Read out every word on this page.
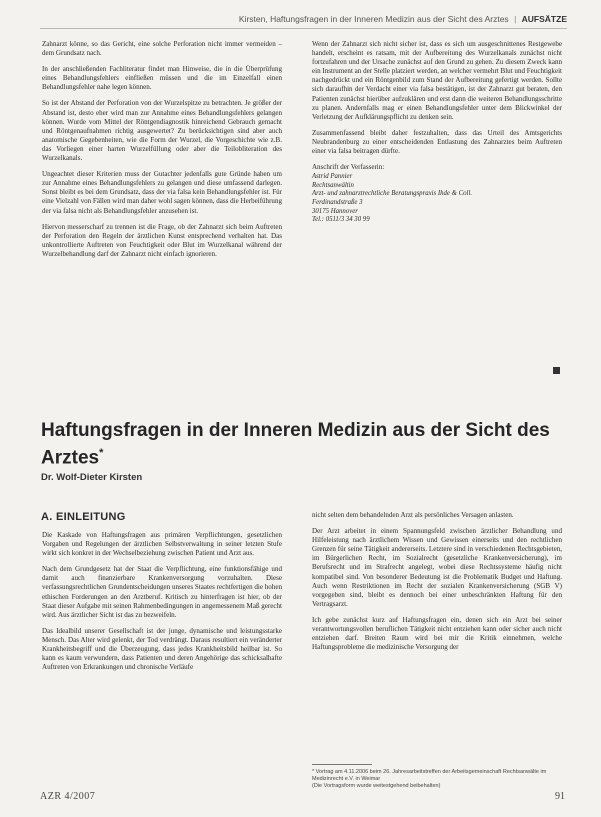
Kirsten, Haftungsfragen in der Inneren Medizin aus der Sicht des Arztes | AUFSÄTZE

Zahnarzt könne, so das Gericht, eine solche Perforation nicht immer vermeiden – dem Grundsatz nach.

In der anschließenden Fachliteratur findet man Hinweise, die in die Überprüfung eines Behandlungsfehlers einfließen müssen und die im Einzelfall einen Behandlungsfehler nahe legen können.

So ist der Abstand der Perforation von der Wurzelspitze zu betrachten. Je größer der Abstand ist, desto eher wird man zur Annahme eines Behandlungsfehlers gelangen können. Wurde vom Mittel der Röntgendiagnostik hinreichend Gebrauch gemacht und Röntgenaufnahmen richtig ausgewertet? Zu berücksichtigen sind aber auch anatomische Gegebenheiten, wie die Form der Wurzel, die Vorgeschichte wie z.B. das Vorliegen einer harten Wurzelfüllung oder aber die Teilobliteration des Wurzelkanals.

Ungeachtet dieser Kriterien muss der Gutachter jedenfalls gute Gründe haben um zur Annahme eines Behandlungsfehlers zu gelangen und diese umfassend darlegen. Sonst bleibt es bei dem Grundsatz, dass der via falsa kein Behandlungsfehler ist. Für eine Vielzahl von Fällen wird man daher wohl sagen können, dass die Herbeiführung der via falsa nicht als Behandlungsfehler anzusehen ist.

Hiervon messerscharf zu trennen ist die Frage, ob der Zahnarzt sich beim Auftreten der Perforation den Regeln der ärztlichen Kunst entsprechend verhalten hat. Das unkontrollierte Auftreten von Feuchtigkeit oder Blut im Wurzelkanal während der Wurzelbehandlung darf der Zahnarzt nicht einfach ignorieren.

Wenn der Zahnarzt sich nicht sicher ist, dass es sich um ausgeschnittenes Restgewebe handelt, erscheint es ratsam, mit der Aufbereitung des Wurzelkanals zunächst nicht fortzufahren und der Ursache zunächst auf den Grund zu gehen. Zu diesem Zweck kann ein Instrument an der Stelle platziert werden, an welcher vermehrt Blut und Feuchtigkeit nachgedrückt und ein Röntgenbild zum Stand der Aufbereitung gefertigt werden. Sollte sich daraufhin der Verdacht einer via falsa bestätigen, ist der Zahnarzt gut beraten, den Patienten zunächst hierüber aufzuklären und erst dann die weiteren Behandlungsschritte zu planen. Andernfalls mag er einen Behandlungsfehler unter dem Blickwinkel der Verletzung der Aufklärungspflicht zu denken sein.

Zusammenfassend bleibt daher festzuhalten, dass das Urteil des Amtsgerichts Neubrandenburg zu einer entscheidenden Entlastung des Zahnarztes beim Auftreten einer via falsa beitragen dürfte.

Anschrift der Verfasserin:
Astrid Pannier
Rechtsanwältin
Arzt- und zahnarztrechtliche Beratungspraxis Ihde & Coll.
Ferdinandstraße 3
30175 Hannover
Tel.: 0511/3 34 30 99
Haftungsfragen in der Inneren Medizin aus der Sicht des Arztes*
Dr. Wolf-Dieter Kirsten
A. EINLEITUNG

Die Kaskade von Haftungsfragen aus primären Verpflichtungen, gesetzlichen Vorgaben und Regelungen der ärztlichen Selbstverwaltung in seiner letzten Stufe wirkt sich konkret in der Wechselbeziehung zwischen Patient und Arzt aus.

Nach dem Grundgesetz hat der Staat die Verpflichtung, eine funktionsfähige und damit auch finanzierbare Krankenversorgung vorzuhalten. Diese verfassungsrechtlichen Grundentscheidungen unseres Staates rechtfertigen die hohen ethischen Forderungen an den Arztberuf. Kritisch zu hinterfragen ist hier, ob der Staat dieser Aufgabe mit seinen Rahmenbedingungen in angemessenem Maß gerecht wird. Aus ärztlicher Sicht ist das zu bezweifeln.

Das Idealbild unserer Gesellschaft ist der junge, dynamische und leistungsstarke Mensch. Das Alter wird gelenkt, der Tod verdrängt. Daraus resultiert ein veränderter Krankheitsbegriff und die Überzeugung, dass jedes Krankheitsbild heilbar ist. So kann es kaum verwundern, dass Patienten und deren Angehörige das schicksalhafte Auftreten von Erkrankungen und chronische Verläufe

nicht selten dem behandelnden Arzt als persönliches Versagen anlasten.

Der Arzt arbeitet in einem Spannungsfeld zwischen ärztlicher Behandlung und Hilfeleistung nach ärztlichem Wissen und Gewissen einerseits und den rechtlichen Grenzen für seine Tätigkeit andererseits. Letztere sind in verschiedenen Rechtsgebieten, im Bürgerlichen Recht, im Sozialrecht (gesetzliche Krankenversicherung), im Berufsrecht und im Strafrecht angelegt, wobei diese Rechtssysteme häufig nicht kompatibel sind. Von besonderer Bedeutung ist die Problematik Budget und Haftung. Auch wenn Restriktionen im Recht der sozialen Krankenversicherung (SGB V) vorgegeben sind, bleibt es dennoch bei einer unbeschränkten Haftung für den Vertragsarzt.

Ich gebe zunächst kurz auf Haftungsfragen ein, denen sich ein Arzt bei seiner verantwortungsvollen beruflichen Tätigkeit nicht entziehen kann oder sicher auch nicht entziehen darf. Breiten Raum wird bei mir die Kritik einnehmen, welche Haftungsprobleme die medizinische Versorgung der

* Vortrag am 4.11.2006 beim 26. Jahresarbeitstreffen der Arbeitsgemeinschaft Rechtsanwälte im Medizinrecht e.V. in Weimar
(Die Vortragsform wurde weitestgehend beibehalten)
AZR 4/2007	91
